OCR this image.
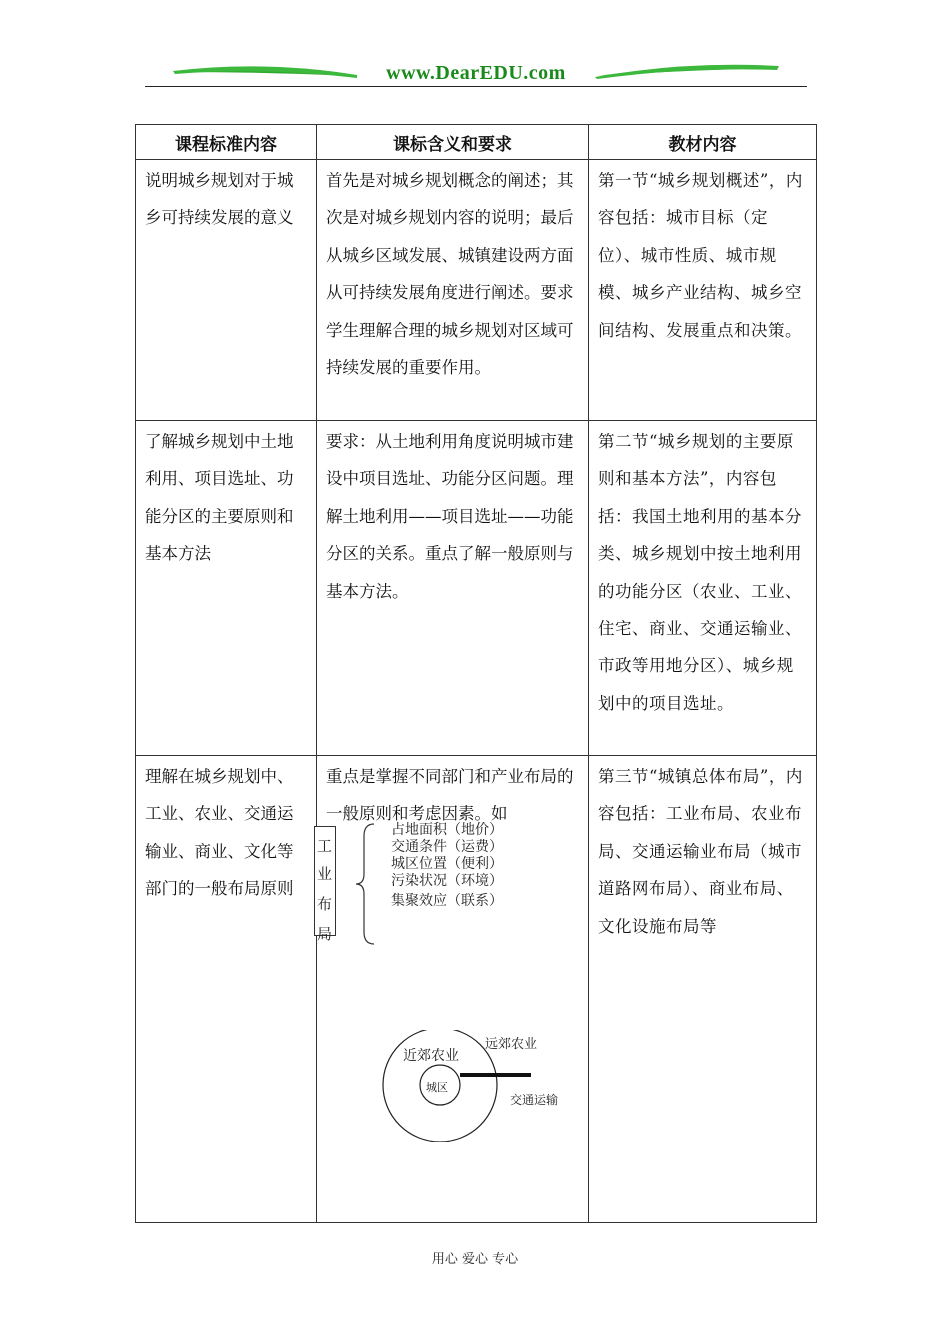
www.DearEDU.com
课程标准内容	课标含义和要求	教材内容

说明城乡规划对于城乡可持续发展的意义	首先是对城乡规划概念的阐述；其次是对城乡规划内容的说明；最后从城乡区域发展、城镇建设两方面从可持续发展角度进行阐述。要求学生理解合理的城乡规划对区域可持续发展的重要作用。	第一节“城乡规划概述”，内容包括：城市目标（定位）、城市性质、城市规模、城乡产业结构、城乡空间结构、发展重点和决策。

了解城乡规划中土地利用、项目选址、功能分区的主要原则和基本方法	要求：从土地利用角度说明城市建设中项目选址、功能分区问题。理解土地利用——项目选址——功能分区的关系。重点了解一般原则与基本方法。	第二节“城乡规划的主要原则和基本方法”，内容包括：我国土地利用的基本分类、城乡规划中按土地利用的功能分区（农业、工业、住宅、商业、交通运输业、市政等用地分区）、城乡规划中的项目选址。

理解在城乡规划中、工业、农业、交通运输业、商业、文化等部门的一般布局原则	重点是掌握不同部门和产业布局的一般原则和考虑因素。如	第三节“城镇总体布局”，内容包括：工业布局、农业布局、交通运输业布局（城市道路网布局）、商业布局、文化设施布局等
工
业
布
局
占地面积（地价）
交通条件（运费）
城区位置（便利）
污染状况（环境）
集聚效应（联系）
近郊农业
远郊农业
城区
交通运输
用心 爱心 专心
